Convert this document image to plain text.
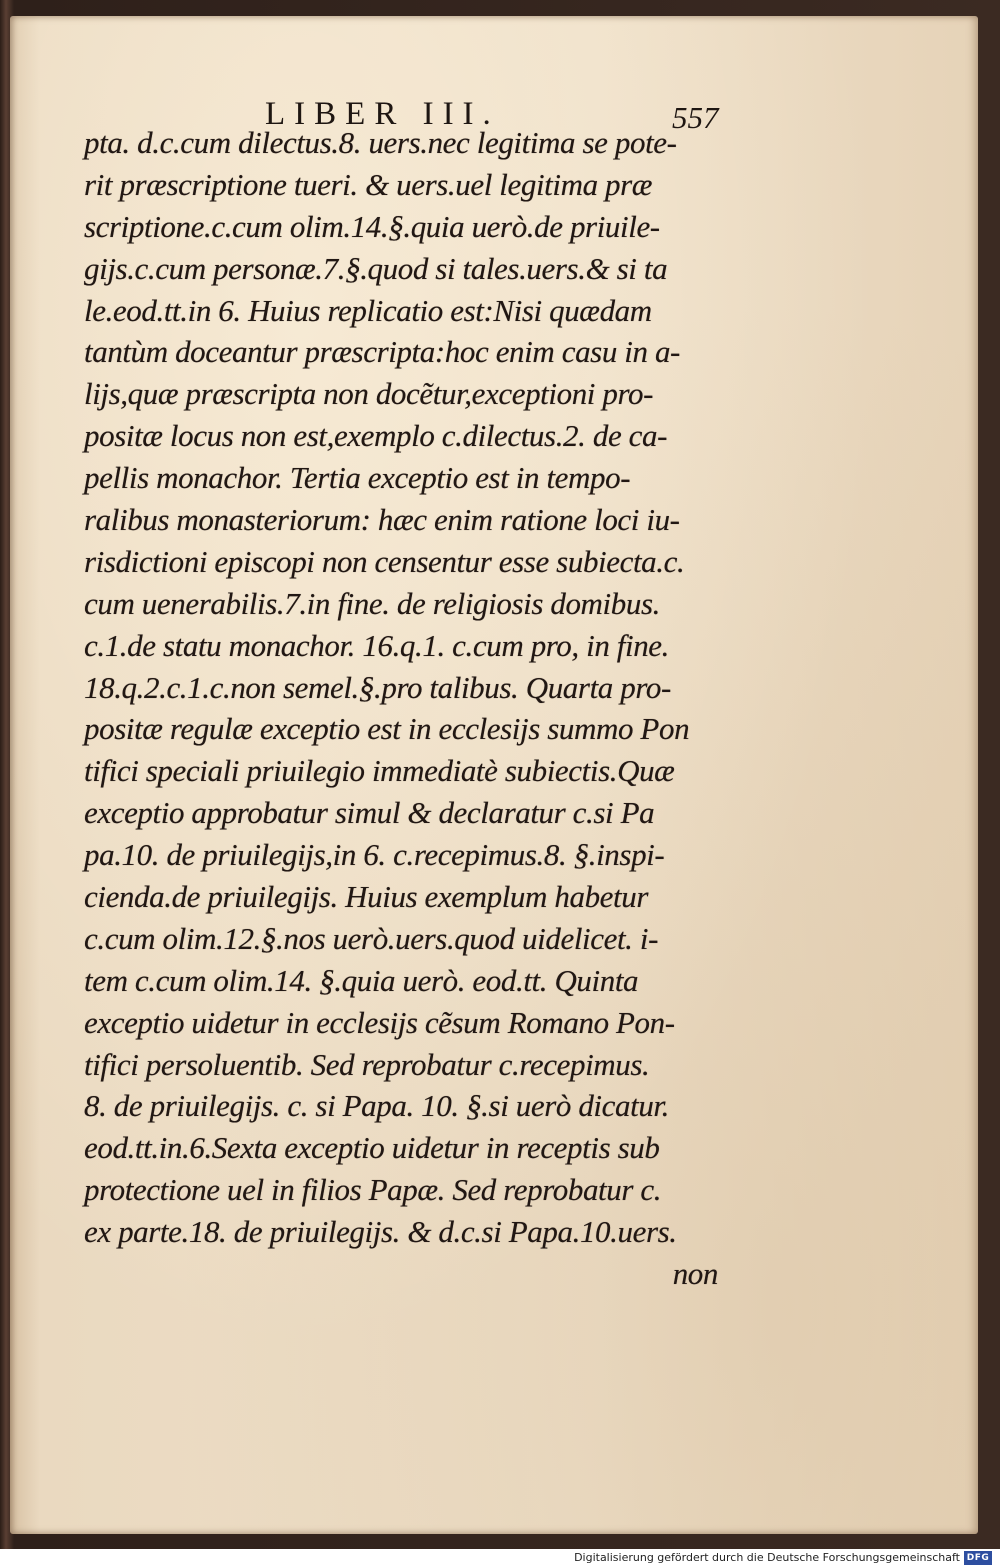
LIBER III.	557
pta. d.c.cum dilectus.8. uers.nec legitima se pote-
rit præscriptione tueri. & uers.uel legitima præ
scriptione.c.cum olim.14.§.quia uerò.de priuile-
gijs.c.cum personæ.7.§.quod si tales.uers.& si ta
le.eod.tt.in 6. Huius replicatio est:Nisi quædam
tantùm doceantur præscripta:hoc enim casu in a-
lijs,quæ præscripta non docẽtur,exceptioni pro-
positæ locus non est,exemplo c.dilectus.2. de ca-
pellis monachor. Tertia exceptio est in tempo-
ralibus monasteriorum: hæc enim ratione loci iu-
risdictioni episcopi non censentur esse subiecta.c.
cum uenerabilis.7.in fine. de religiosis domibus.
c.1.de statu monachor. 16.q.1. c.cum pro, in fine.
18.q.2.c.1.c.non semel.§.pro talibus. Quarta pro-
positæ regulæ exceptio est in ecclesijs summo Pon
tifici speciali priuilegio immediatè subiectis.Quæ
exceptio approbatur simul & declaratur c.si Pa
pa.10. de priuilegijs,in 6. c.recepimus.8. §.inspi-
cienda.de priuilegijs. Huius exemplum habetur
c.cum olim.12.§.nos uerò.uers.quod uidelicet. i-
tem c.cum olim.14. §.quia uerò. eod.tt. Quinta
exceptio uidetur in ecclesijs cẽsum Romano Pon-
tifici persoluentib. Sed reprobatur c.recepimus.
8. de priuilegijs. c. si Papa. 10. §.si uerò dicatur.
eod.tt.in.6.Sexta exceptio uidetur in receptis sub
protectione uel in filios Papæ. Sed reprobatur c.
ex parte.18. de priuilegijs. & d.c.si Papa.10.uers.
non
Digitalisierung gefördert durch die Deutsche Forschungsgemeinschaft DFG
